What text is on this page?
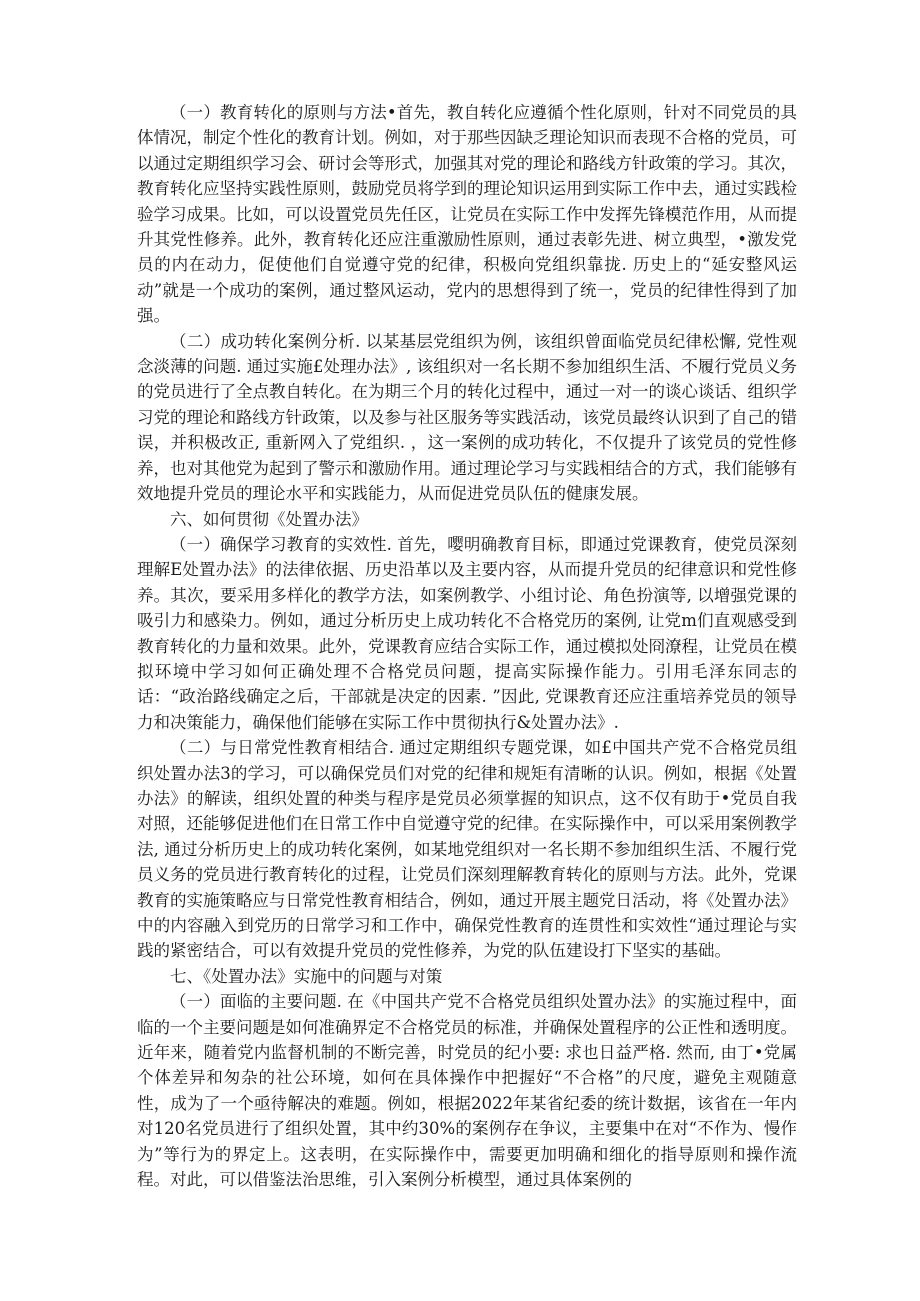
（一）教育转化的原则与方法•首先，教自转化应遵循个性化原则，针对不同党员的具体情况，制定个性化的教育计划。例如，对于那些因缺乏理论知识而表现不合格的党员，可以通过定期组织学习会、研讨会等形式，加强其对党的理论和路线方针政策的学习。其次，教育转化应坚持实践性原则，鼓励党员将学到的理论知识运用到实际工作中去，通过实践检验学习成果。比如，可以设置党员先任区，让党员在实际工作中发挥先锋模范作用，从而提升其党性修养。此外，教育转化还应注重激励性原则，通过表彰先进、树立典型，•激发党员的内在动力，促使他们自觉遵守党的纪律，积极向党组织靠拢. 历史上的“延安整风运动”就是一个成功的案例，通过整风运动，党内的思想得到了统一，党员的纪律性得到了加强。

（二）成功转化案例分析. 以某基层党组织为例，该组织曾面临党员纪律松懈, 党性观念淡薄的问题. 通过实施£处理办法》, 该组织对一名长期不参加组织生活、不履行党员义务的党员进行了全点教自转化。在为期三个月的转化过程中，通过一对一的谈心谈话、组织学习党的理论和路线方针政策，以及参与社区服务等实践活动，该党员最终认识到了自己的错误，并积极改正, 重新网入了党组织. ，这一案例的成功转化，不仅提升了该党员的党性修养，也对其他党为起到了警示和激励作用。通过理论学习与实践相结合的方式，我们能够有效地提升党员的理论水平和实践能力，从而促进党员队伍的健康发展。

六、如何贯彻《处置办法》

（一）确保学习教育的实效性. 首先，嘤明确教育目标，即通过党课教育，使党员深刻理解E处置办法》的法律依据、历史沿革以及主要内容，从而提升党员的纪律意识和党性修养。其次，要采用多样化的教学方法，如案例教学、小组讨论、角色扮演等, 以增强党课的吸引力和感染力。例如，通过分析历史上成功转化不合格党历的案例, 让党m们直观感受到教育转化的力量和效果。此外，党课教育应结合实际工作，通过模拟处冏潦程，让党员在模拟环境中学习如何正确处理不合格党员问题，提高实际操作能力。引用毛泽东同志的话：“政治路线确定之后，干部就是决定的因素. ”因此, 党课教育还应注重培养党员的领导力和决策能力，确保他们能够在实际工作中贯彻执行&处置办法》.

（二）与日常党性教育相结合. 通过定期组织专题党课，如£中国共产党不合格党员组织处置办法3的学习，可以确保党员们对党的纪律和规矩有清晰的认识。例如，根据《处置办法》的解读，组织处置的种类与程序是党员必须掌握的知识点，这不仅有助于•党员自我对照，还能够促进他们在日常工作中自觉遵守党的纪律。在实际操作中，可以采用案例教学法, 通过分析历史上的成功转化案例，如某地党组织对一名长期不参加组织生活、不履行党员义务的党员进行教育转化的过程，让党员们深刻理解教育转化的原则与方法。此外，党课教育的实施策略应与日常党性教育相结合，例如，通过开展主题党日活动，将《处置办法》中的内容融入到党历的日常学习和工作中，确保党性教育的连贯性和实效性“通过理论与实践的紧密结合，可以有效提升党员的党性修养，为党的队伍建设打下坚实的基础。

七、《处置办法》实施中的问题与对策

（一）面临的主要问题. 在《中国共产党不合格党员组织处置办法》的实施过程中，面临的一个主要问题是如何准确界定不合格党员的标准，并确保处置程序的公正性和透明度。近年来，随着党内监督机制的不断完善，时党员的纪小要: 求也日益严格. 然而, 由丁•党属个体差异和匆杂的社公环境，如何在具体操作中把握好“不合格”的尺度，避免主观随意性，成为了一个亟待解决的难题。例如，根据2022年某省纪委的统计数据，该省在一年内对120名党员进行了组织处置，其中约30%的案例存在争议，主要集中在对“不作为、慢作为”等行为的界定上。这表明，在实际操作中，需要更加明确和细化的指导原则和操作流程。对此，可以借鉴法治思维，引入案例分析模型，通过具体案例的
